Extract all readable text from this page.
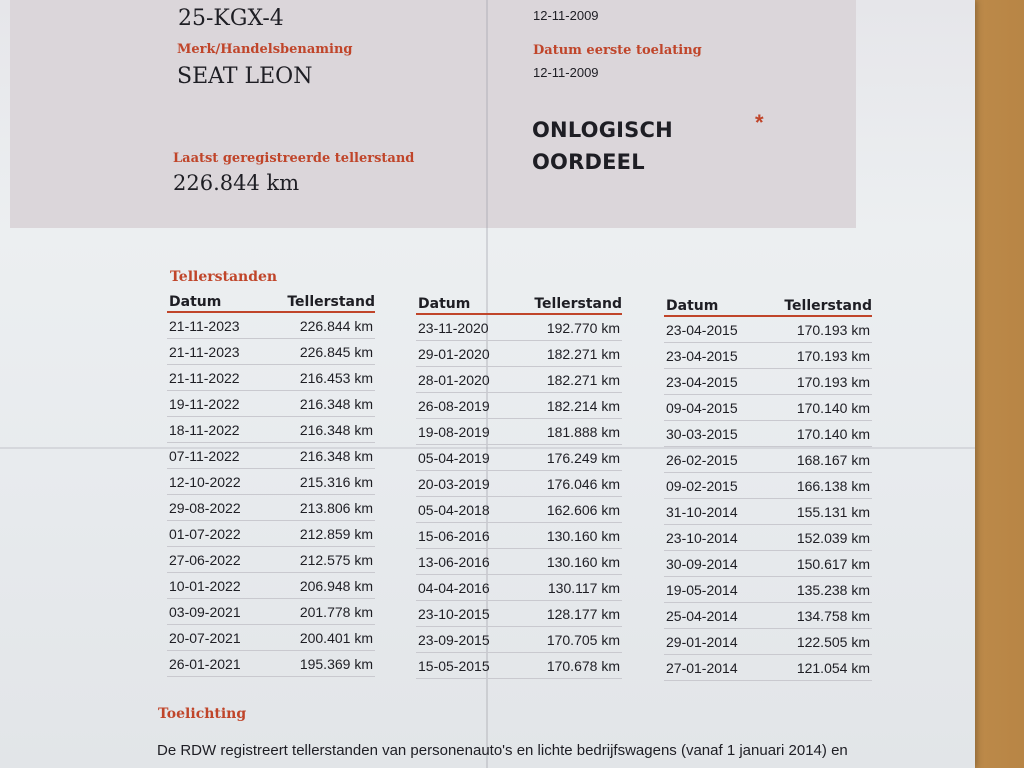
25-KGX-4
Merk/Handelsbenaming
SEAT LEON
Laatst geregistreerde tellerstand
226.844 km
12-11-2009
Datum eerste toelating
12-11-2009
ONLOGISCH
OORDEEL
*
Tellerstanden
Datum	Tellerstand
21-11-2023	226.844 km
21-11-2023	226.845 km
21-11-2022	216.453 km
19-11-2022	216.348 km
18-11-2022	216.348 km
07-11-2022	216.348 km
12-10-2022	215.316 km
29-08-2022	213.806 km
01-07-2022	212.859 km
27-06-2022	212.575 km
10-01-2022	206.948 km
03-09-2021	201.778 km
20-07-2021	200.401 km
26-01-2021	195.369 km
Datum	Tellerstand
23-11-2020	192.770 km
29-01-2020	182.271 km
28-01-2020	182.271 km
26-08-2019	182.214 km
19-08-2019	181.888 km
05-04-2019	176.249 km
20-03-2019	176.046 km
05-04-2018	162.606 km
15-06-2016	130.160 km
13-06-2016	130.160 km
04-04-2016	130.117 km
23-10-2015	128.177 km
23-09-2015	170.705 km
15-05-2015	170.678 km
Datum	Tellerstand
23-04-2015	170.193 km
23-04-2015	170.193 km
23-04-2015	170.193 km
09-04-2015	170.140 km
30-03-2015	170.140 km
26-02-2015	168.167 km
09-02-2015	166.138 km
31-10-2014	155.131 km
23-10-2014	152.039 km
30-09-2014	150.617 km
19-05-2014	135.238 km
25-04-2014	134.758 km
29-01-2014	122.505 km
27-01-2014	121.054 km
Toelichting
De RDW registreert tellerstanden van personenauto's en lichte bedrijfswagens (vanaf 1 januari 2014) en
